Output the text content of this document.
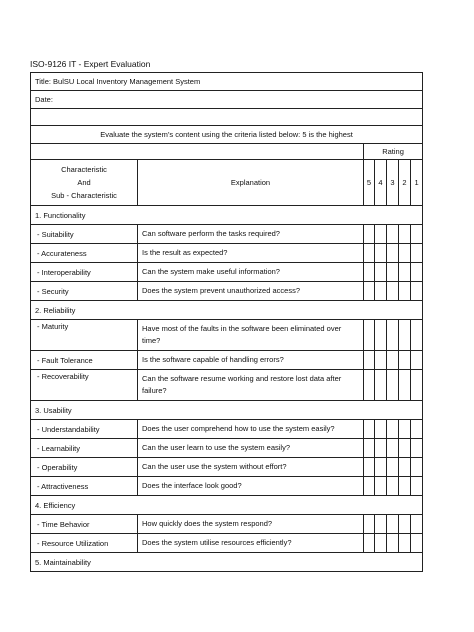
ISO-9126 IT - Expert Evaluation
Title: BulSU Local Inventory Management System						
Date:						

Evaluate the system’s content using the criteria listed below: 5 is the highest						
		Rating				

Characteristic
And
Sub - Characteristic	Explanation	5	4	3	2	1
1. Functionality						
- Suitability	Can software perform the tasks required?					
- Accurateness	Is the result as expected?					
- Interoperability	Can the system make useful information?					
- Security	Does the system prevent unauthorized access?					
2. Reliability						
- Maturity	Have most of the faults in the software been eliminated over time?					
- Fault Tolerance	Is the software capable of handling errors?					
- Recoverability	Can the software resume working and restore lost data after failure?					
3. Usability						
- Understandability	Does the user comprehend how to use the system easily?					
- Learnability	Can the user learn to use the system easily?					
- Operability	Can the user use the system without effort?					
- Attractiveness	Does the interface look good?					
4. Efficiency						
- Time Behavior	How quickly does the system respond?					
- Resource Utilization	Does the system utilise resources efficiently?					
5. Maintainability						
